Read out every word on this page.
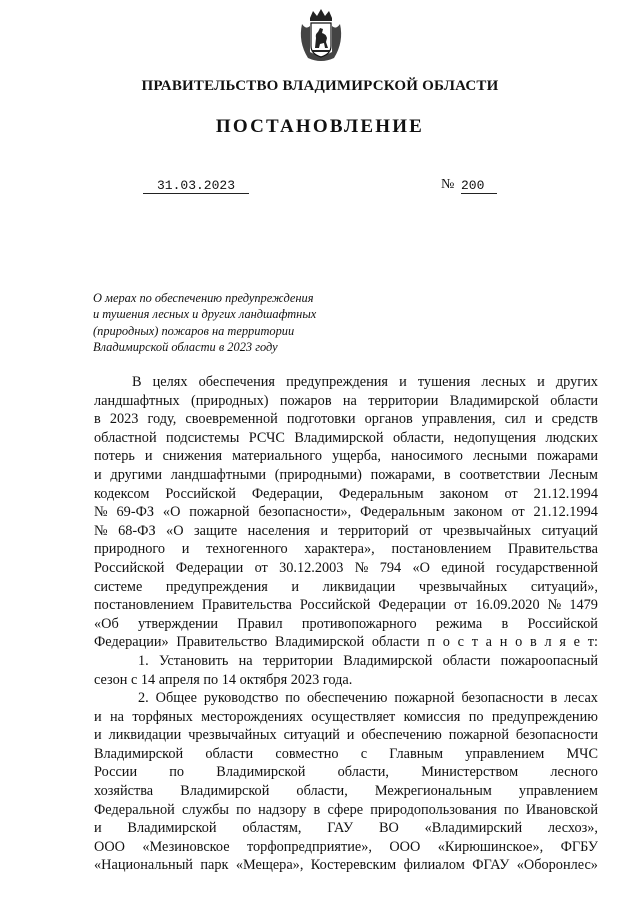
ПРАВИТЕЛЬСТВО ВЛАДИМИРСКОЙ ОБЛАСТИ
ПОСТАНОВЛЕНИЕ
31.03.2023	№ 200
О мерах по обеспечению предупреждения
и тушения лесных и других ландшафтных
(природных) пожаров на территории
Владимирской области в 2023 году
В целях обеспечения предупреждения и тушения лесных и других
ландшафтных (природных) пожаров на территории Владимирской области
в 2023 году, своевременной подготовки органов управления, сил и средств
областной подсистемы РСЧС Владимирской области, недопущения людских
потерь и снижения материального ущерба, наносимого лесными пожарами
и другими ландшафтными (природными) пожарами, в соответствии Лесным
кодексом Российской Федерации, Федеральным законом от 21.12.1994
№ 69-ФЗ «О пожарной безопасности», Федеральным законом от 21.12.1994
№ 68-ФЗ «О защите населения и территорий от чрезвычайных ситуаций
природного и техногенного характера», постановлением Правительства
Российской Федерации от 30.12.2003 № 794 «О единой государственной
системе предупреждения и ликвидации чрезвычайных ситуаций»,
постановлением Правительства Российской Федерации от 16.09.2020 № 1479
«Об утверждении Правил противопожарного режима в Российской
Федерации» Правительство Владимирской области п о с т а н о в л я е т:
1. Установить на территории Владимирской области пожароопасный
сезон с 14 апреля по 14 октября 2023 года.
2. Общее руководство по обеспечению пожарной безопасности в лесах
и на торфяных месторождениях осуществляет комиссия по предупреждению
и ликвидации чрезвычайных ситуаций и обеспечению пожарной безопасности
Владимирской области совместно с Главным управлением МЧС
России по Владимирской области, Министерством лесного
хозяйства Владимирской области, Межрегиональным управлением
Федеральной службы по надзору в сфере природопользования по Ивановской
и Владимирской областям, ГАУ ВО «Владимирский лесхоз»,
ООО «Мезиновское торфопредприятие», ООО «Кирюшинское», ФГБУ
«Национальный парк «Мещера», Костеревским филиалом ФГАУ «Оборонлес»
